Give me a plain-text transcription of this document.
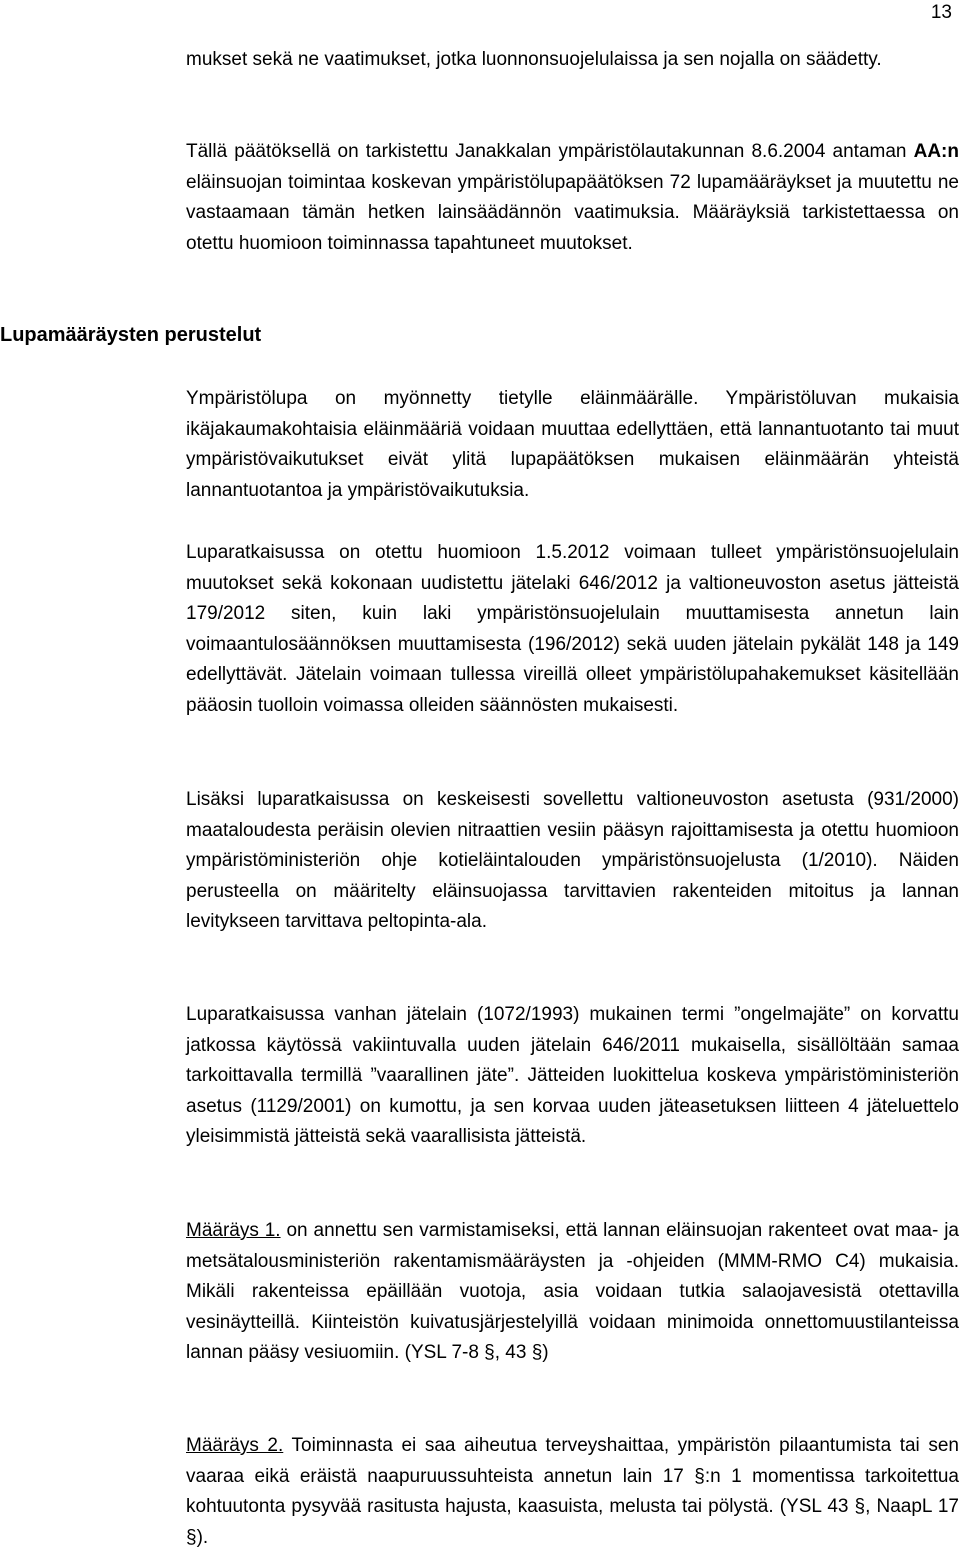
13

mukset sekä ne vaatimukset, jotka luonnonsuojelulaissa ja sen nojalla on säädetty.

Tällä päätöksellä on tarkistettu Janakkalan ympäristölautakunnan 8.6.2004 antaman AA:n eläinsuojan toimintaa koskevan ympäristölupapäätöksen 72 lupamääräykset ja muutettu ne vastaamaan tämän hetken lainsäädännön vaatimuksia. Määräyksiä tarkistettaessa on otettu huomioon toiminnassa tapahtuneet muutokset.

Lupamääräysten perustelut

Ympäristölupa on myönnetty tietylle eläinmäärälle. Ympäristöluvan mukaisia ikäjakaumakohtaisia eläinmääriä voidaan muuttaa edellyttäen, että lannantuotanto tai muut ympäristövaikutukset eivät ylitä lupapäätöksen mukaisen eläinmäärän yhteistä lannantuotantoa ja ympäristövaikutuksia.

Luparatkaisussa on otettu huomioon 1.5.2012 voimaan tulleet ympäristönsuojelulain muutokset sekä kokonaan uudistettu jätelaki 646/2012 ja valtioneuvoston asetus jätteistä 179/2012 siten, kuin laki ympäristönsuojelulain muuttamisesta annetun lain voimaantulosäännöksen muuttamisesta (196/2012) sekä uuden jätelain pykälät 148 ja 149 edellyttävät. Jätelain voimaan tullessa vireillä olleet ympäristölupahakemukset käsitellään pääosin tuolloin voimassa olleiden säännösten mukaisesti.

Lisäksi luparatkaisussa on keskeisesti sovellettu valtioneuvoston asetusta (931/2000) maataloudesta peräisin olevien nitraattien vesiin pääsyn rajoittamisesta ja otettu huomioon ympäristöministeriön ohje kotieläintalouden ympäristönsuojelusta (1/2010). Näiden perusteella on määritelty eläinsuojassa tarvittavien rakenteiden mitoitus ja lannan levitykseen tarvittava peltopinta-ala.

Luparatkaisussa vanhan jätelain (1072/1993) mukainen termi ”ongelmajäte” on korvattu jatkossa käytössä vakiintuvalla uuden jätelain 646/2011 mukaisella, sisällöltään samaa tarkoittavalla termillä ”vaarallinen jäte”. Jätteiden luokittelua koskeva ympäristöministeriön asetus (1129/2001) on kumottu, ja sen korvaa uuden jäteasetuksen liitteen 4 jäteluettelo yleisimmistä jätteistä sekä vaarallisista jätteistä.

Määräys 1. on annettu sen varmistamiseksi, että lannan eläinsuojan rakenteet ovat maa- ja metsätalousministeriön rakentamismääräysten ja -ohjeiden (MMM-RMO C4) mukaisia. Mikäli rakenteissa epäillään vuotoja, asia voidaan tutkia salaojavesistä otettavilla vesinäytteillä. Kiinteistön kuivatusjärjestelyillä voidaan minimoida onnettomuustilanteissa lannan pääsy vesiuomiin. (YSL 7-8 §, 43 §)

Määräys 2. Toiminnasta ei saa aiheutua terveyshaittaa, ympäristön pilaantumista tai sen vaaraa eikä eräistä naapuruussuhteista annetun lain 17 §:n 1 momentissa tarkoitettua kohtuutonta pysyvää rasitusta hajusta, kaasuista, melusta tai pölystä. (YSL 43 §, NaapL 17 §).
